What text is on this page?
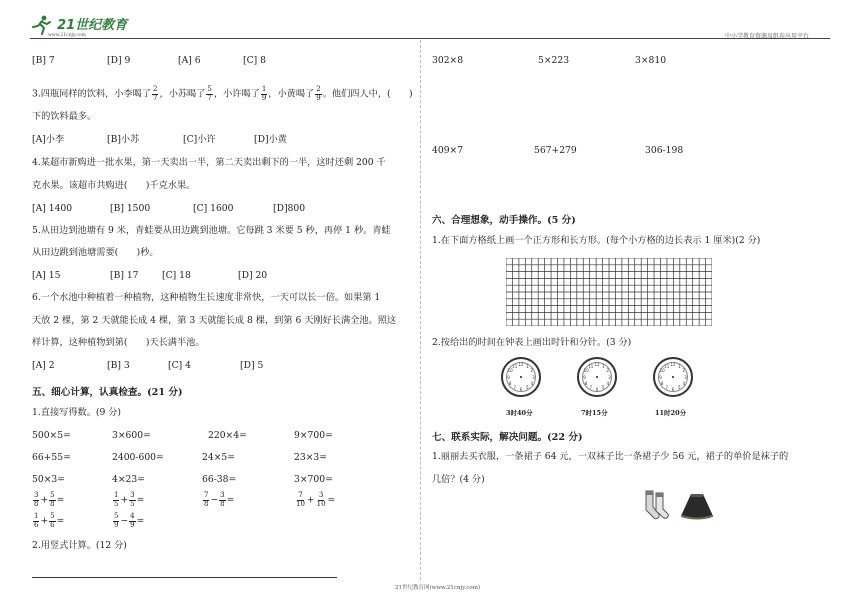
21世纪教育
www.21cnjy.com	中小学教育资源及组卷应用平台
[B] 7	[D] 9	[A] 6	[C] 8
3.四瓶同样的饮料，小李喝了 $\frac{2}{7}$ ，小苏喝了 $\frac{5}{7}$ ，小许喝了 $\frac{1}{9}$ ，小黄喝了 $\frac{2}{9}$ 。他们四人中，(　　)
下的饮料最多。
[A]小李	[B]小苏	[C]小许	[D]小黄
4.某超市新购进一批水果，第一天卖出一半，第二天卖出剩下的一半，这时还剩 200 千
克水果。该超市共购进(　　)千克水果。
[A] 1400	[B] 1500	[C] 1600	[D]800
5.从田边到池塘有 9 米，青蛙要从田边跳到池塘。它每跳 3 米要 5 秒，再停 1 秒。青蛙
从田边跳到池塘需要(　　)秒。
[A] 15	[B] 17	[C] 18	[D] 20
6.一个水池中种植着一种植物，这种植物生长速度非常快，一天可以长一倍。如果第 1
天放 2 棵，第 2 天就能长成 4 棵，第 3 天就能长成 8 棵，到第 6 天刚好长满全池。照这
样计算，这种植物到第(　　)天长满半池。
[A] 2	[B] 3	[C] 4	[D] 5
五、细心计算，认真检查。(21 分)
1.直接写得数。(9 分)
500×5=	3×600=	220×4=	9×700=
66+55=	2400-600=	24×5=	23×3=
50×3=	4×23=	66-38=	3×700=
$\frac{3}{8} + \frac{5}{8}$ =	$\frac{1}{5} + \frac{3}{5}$ =	$\frac{7}{8} - \frac{3}{8}$ =	$\frac{7}{10} + \frac{3}{10}$ =
$\frac{1}{6} + \frac{5}{6}$ =	$\frac{5}{9} - \frac{4}{9}$ =
2.用竖式计算。(12 分)
302×8	5×223	3×810
409×7	567+279	306-198
六、合理想象，动手操作。(5 分)
1.在下面方格纸上画一个正方形和长方形。(每个小方格的边长表示 1 厘米)(2 分)
2.按给出的时间在钟表上画出时针和分针。(3 分)
1
2
3
4
5
6
7
8
9
10
11 12	1
2
3
4
5
6
7
8
9
10
11 12	1
2
3
4
5
6
7
8
9
10
11 12
3时40分	7时15分	11时20分
七、联系实际，解决问题。(22 分)
1.丽丽去买衣服，一条裙子 64 元，一双袜子比一条裙子少 56 元，裙子的单价是袜子的
几倍？(4 分)
21世纪教育网(www.21cnjy.com)
